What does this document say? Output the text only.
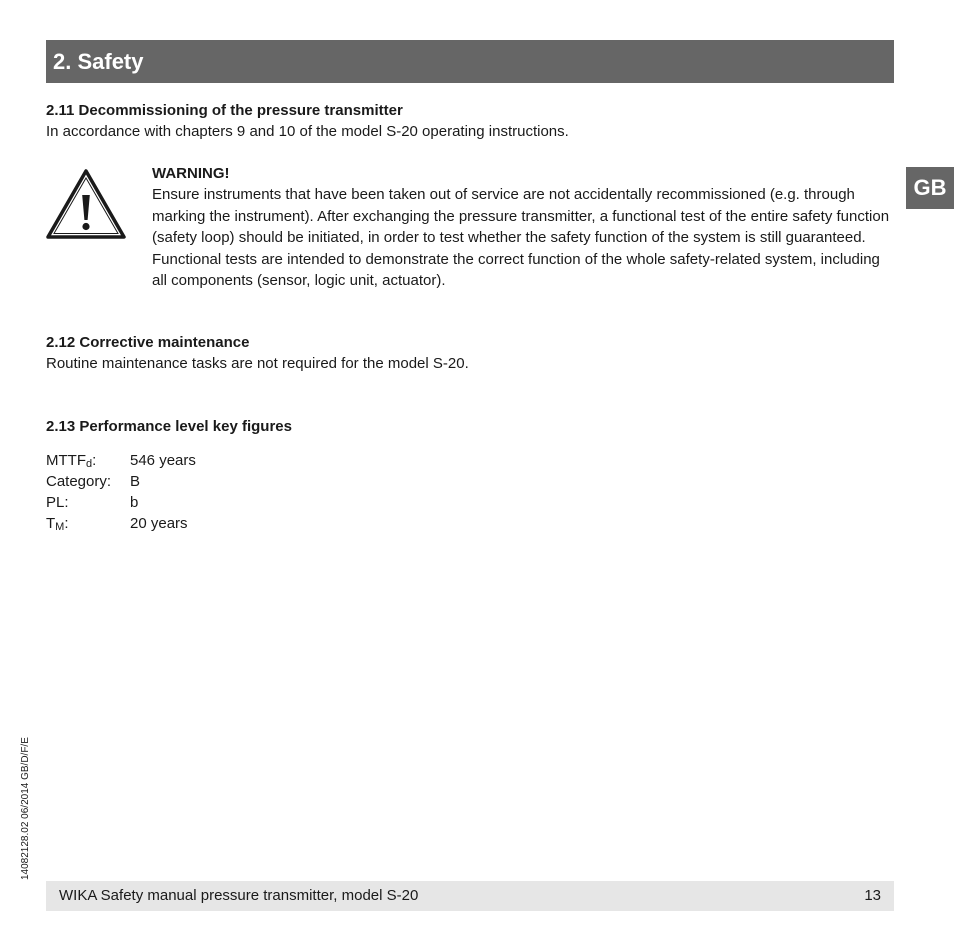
2. Safety
GB
2.11 Decommissioning of the pressure transmitter
In accordance with chapters 9 and 10 of the model S-20 operating instructions.
WARNING!
Ensure instruments that have been taken out of service are not accidentally recommissioned (e.g. through marking the instrument). After exchanging the pressure transmitter, a functional test of the entire safety function (safety loop) should be initiated, in order to test whether the safety function of the system is still guaranteed. Functional tests are intended to demonstrate the correct function of the whole safety-related system, including all components (sensor, logic unit, actuator).
2.12 Corrective maintenance
Routine maintenance tasks are not required for the model S-20.
2.13 Performance level key figures
$MTTF_d$:	546 years
Category:	B
PL:	b
$T_M$:	20 years
14082128.02 06/2014 GB/D/F/E
WIKA Safety manual pressure transmitter, model S-20	13
